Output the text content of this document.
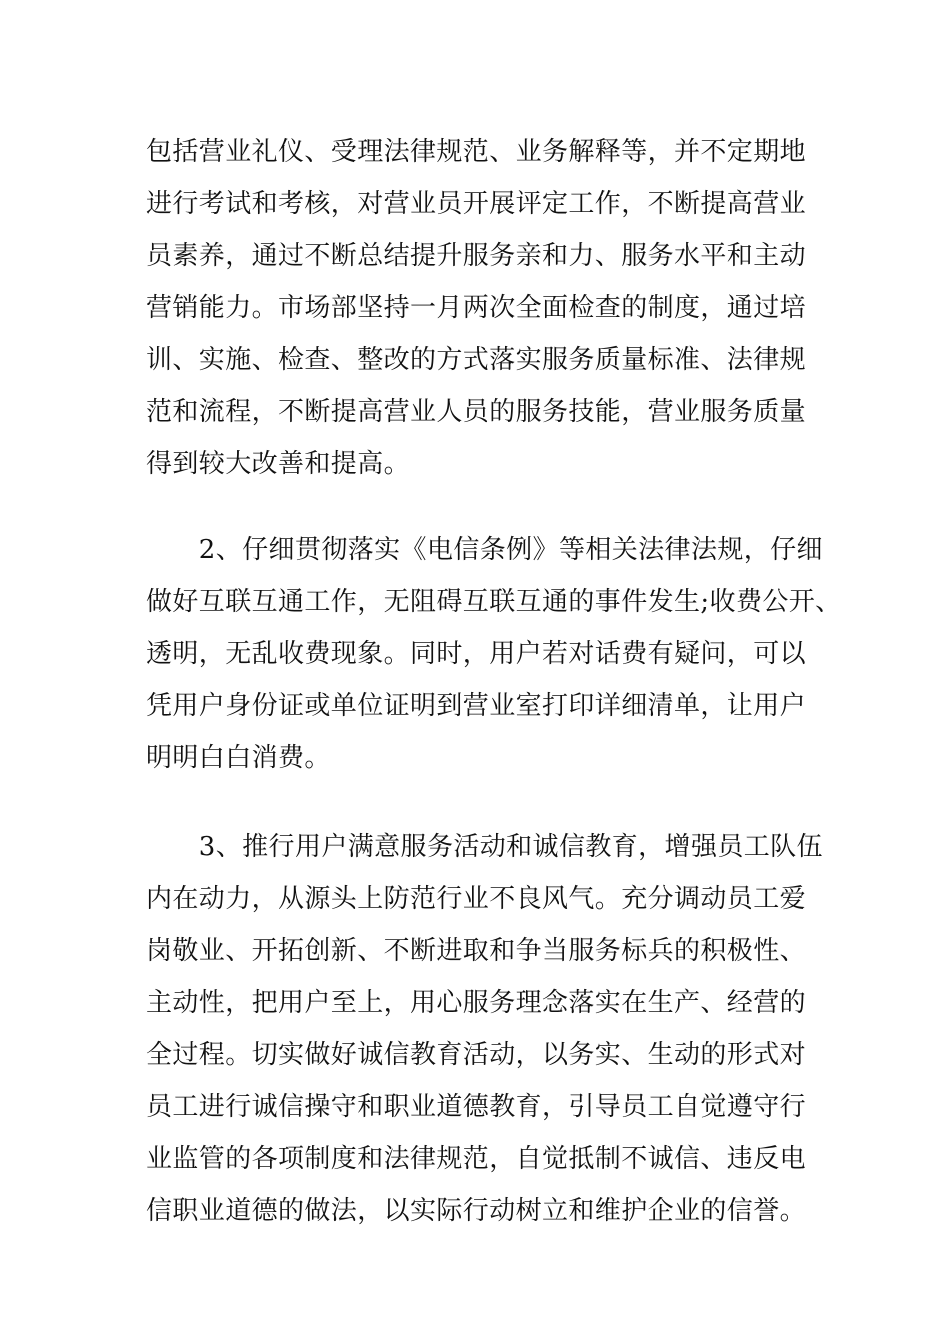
包括营业礼仪、受理法律规范、业务解释等，并不定期地
进行考试和考核，对营业员开展评定工作，不断提高营业
员素养，通过不断总结提升服务亲和力、服务水平和主动
营销能力。市场部坚持一月两次全面检查的制度，通过培
训、实施、检查、整改的方式落实服务质量标准、法律规
范和流程，不断提高营业人员的服务技能，营业服务质量
得到较大改善和提高。
　　2、仔细贯彻落实《电信条例》等相关法律法规，仔细
做好互联互通工作，无阻碍互联互通的事件发生;收费公开、
透明，无乱收费现象。同时，用户若对话费有疑问，可以
凭用户身份证或单位证明到营业室打印详细清单，让用户
明明白白消费。
　　3、推行用户满意服务活动和诚信教育，增强员工队伍
内在动力，从源头上防范行业不良风气。充分调动员工爱
岗敬业、开拓创新、不断进取和争当服务标兵的积极性、
主动性，把用户至上，用心服务理念落实在生产、经营的
全过程。切实做好诚信教育活动，以务实、生动的形式对
员工进行诚信操守和职业道德教育，引导员工自觉遵守行
业监管的各项制度和法律规范，自觉抵制不诚信、违反电
信职业道德的做法，以实际行动树立和维护企业的信誉。
